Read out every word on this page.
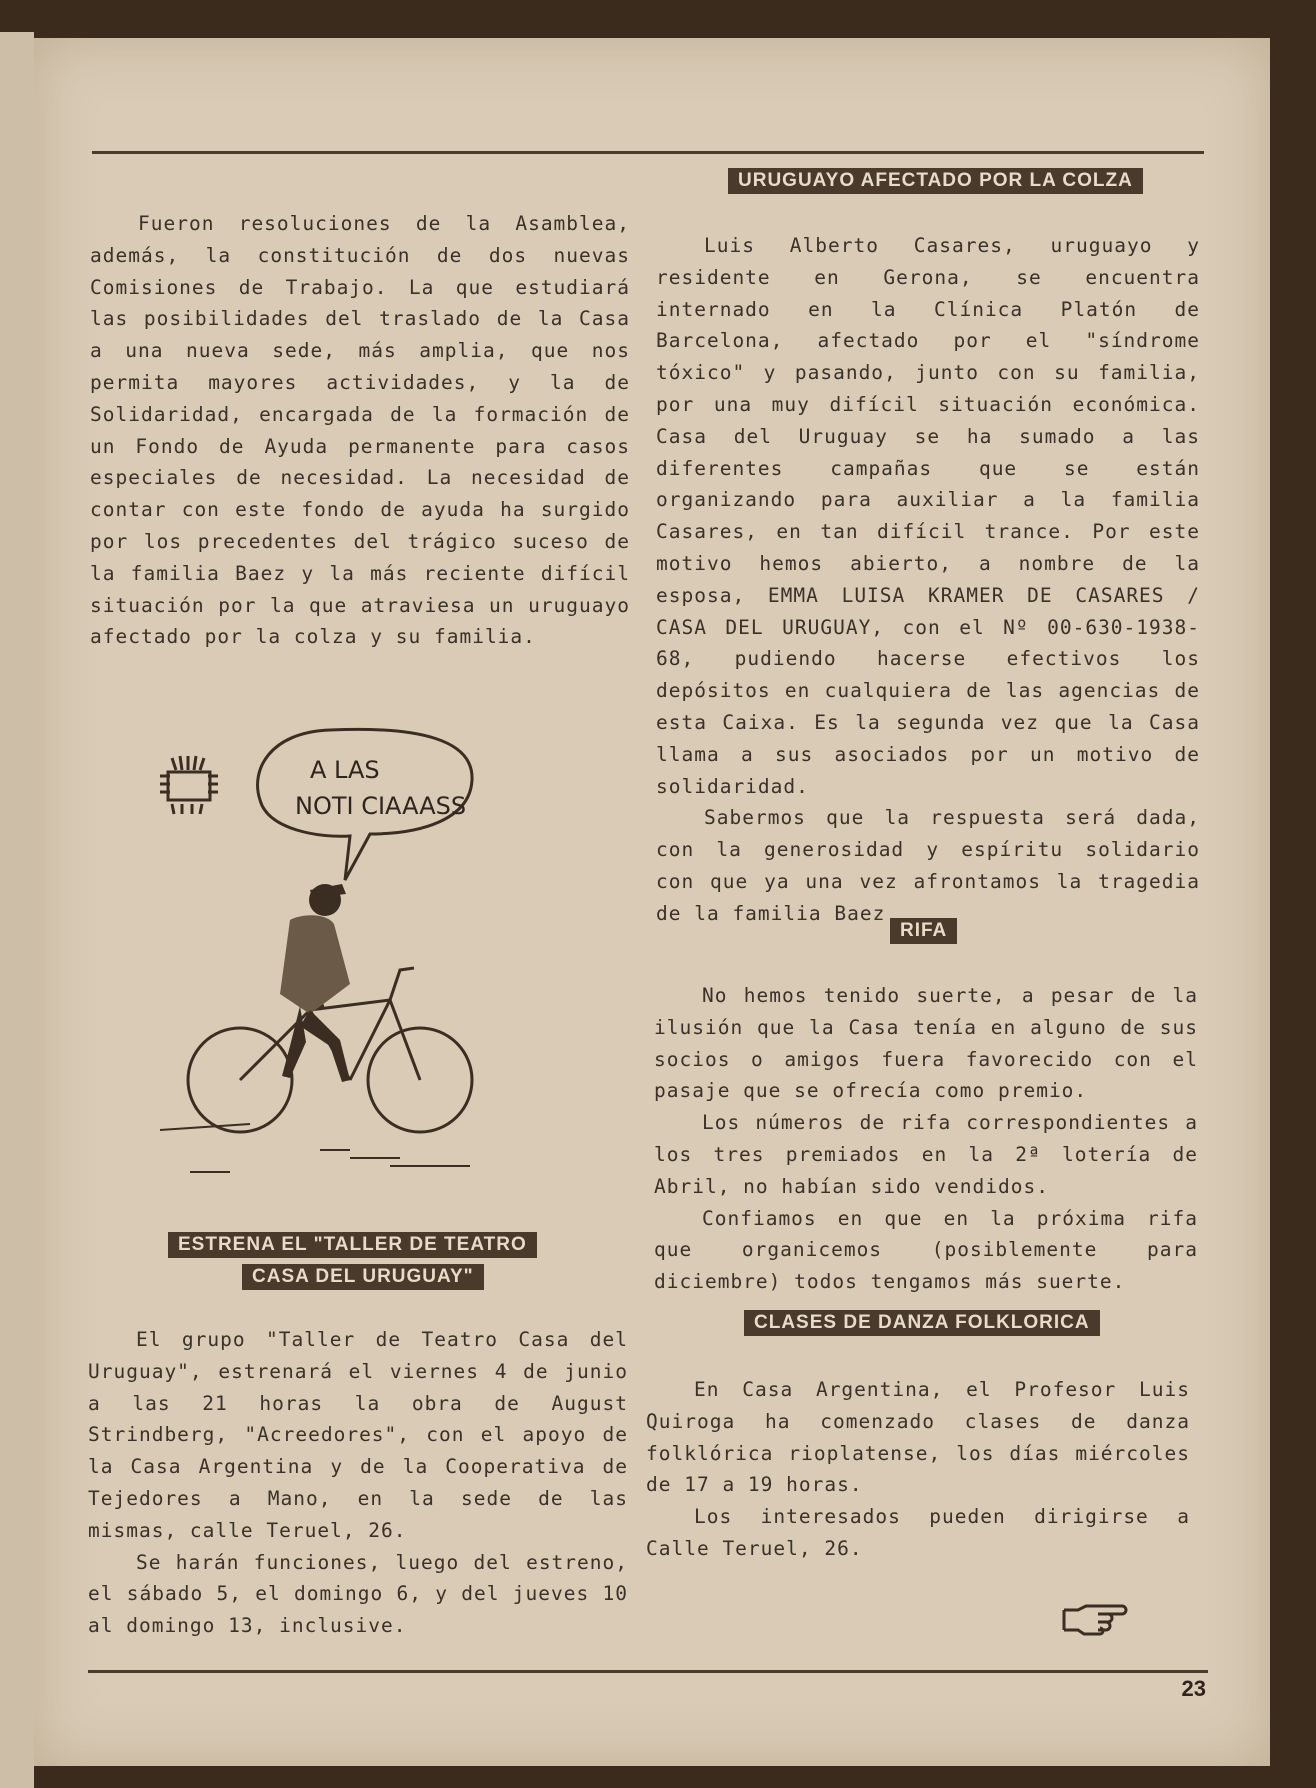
Fueron resoluciones de la Asamblea, además, la constitución de dos nuevas Comisiones de Trabajo. La que estudiará las posibilidades del traslado de la Casa a una nueva sede, más amplia, que nos permita mayores actividades, y la de Solidaridad, encargada de la formación de un Fondo de Ayuda permanente para casos especiales de necesidad. La necesidad de contar con este fondo de ayuda ha surgido por los precedentes del trágico suceso de la familia Baez y la más reciente difícil situación por la que atraviesa un uruguayo afectado por la colza y su familia.

A LAS
NOTI CIAAASS
ESTRENA EL "TALLER DE TEATRO
CASA DEL URUGUAY"

El grupo "Taller de Teatro Casa del Uruguay", estrenará el viernes 4 de junio a las 21 horas la obra de August Strindberg, "Acreedores", con el apoyo de la Casa Argentina y de la Cooperativa de Tejedores a Mano, en la sede de las mismas, calle Teruel, 26.

Se harán funciones, luego del estreno, el sábado 5, el domingo 6, y del jueves 10 al domingo 13, inclusive.

URUGUAYO AFECTADO POR LA COLZA

Luis Alberto Casares, uruguayo y residente en Gerona, se encuentra internado en la Clínica Platón de Barcelona, afectado por el "síndrome tóxico" y pasando, junto con su familia, por una muy difícil situación económica. Casa del Uruguay se ha sumado a las diferentes campañas que se están organizando para auxiliar a la familia Casares, en tan difícil trance. Por este motivo hemos abierto, a nombre de la esposa, EMMA LUISA KRAMER DE CASARES / CASA DEL URUGUAY, con el Nº 00-630-1938-68, pudiendo hacerse efectivos los depósitos en cualquiera de las agencias de esta Caixa. Es la segunda vez que la Casa llama a sus asociados por un motivo de solidaridad.

Sabermos que la respuesta será dada, con la generosidad y espíritu solidario con que ya una vez afrontamos la tragedia de la familia Baez

RIFA

No hemos tenido suerte, a pesar de la ilusión que la Casa tenía en alguno de sus socios o amigos fuera favorecido con el pasaje que se ofrecía como premio.

Los números de rifa correspondientes a los tres premiados en la 2ª lotería de Abril, no habían sido vendidos.

Confiamos en que en la próxima rifa que organicemos (posiblemente para diciembre) todos tengamos más suerte.

CLASES DE DANZA FOLKLORICA

En Casa Argentina, el Profesor Luis Quiroga ha comenzado clases de danza folklórica rioplatense, los días miércoles de 17 a 19 horas.

Los interesados pueden dirigirse a Calle Teruel, 26.

23
